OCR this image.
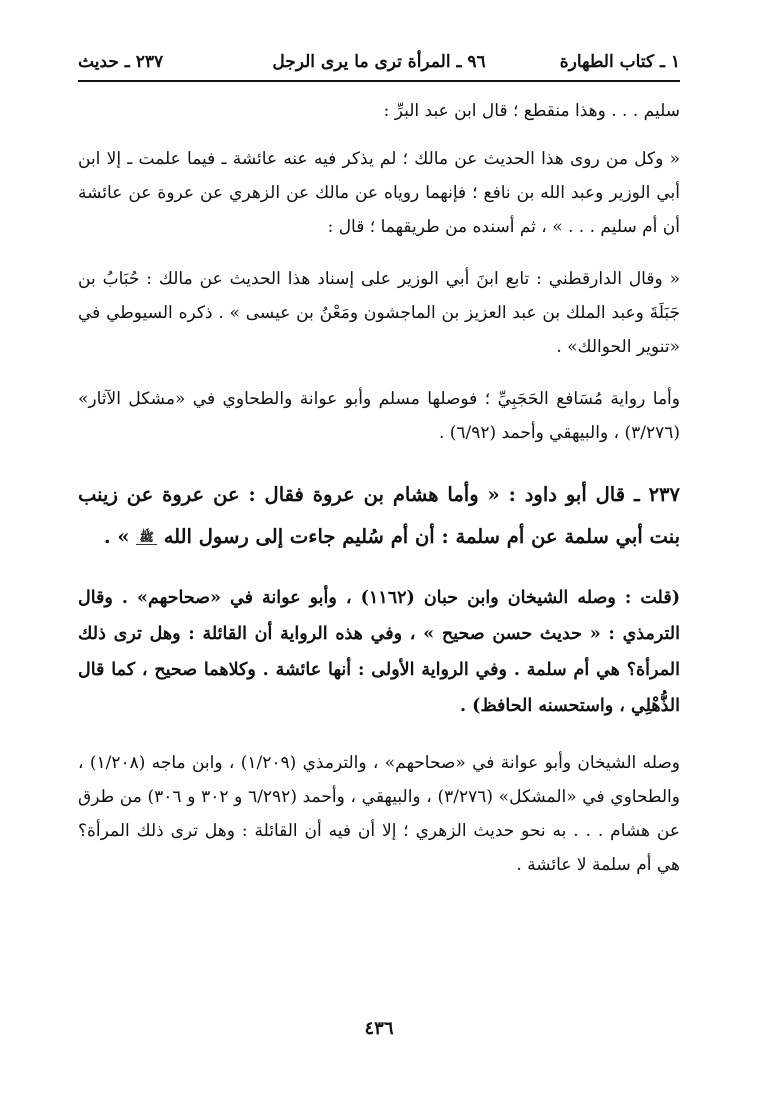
١ ـ كتاب الطهارة
٩٦ ـ المرأة ترى ما يرى الرجل
٢٣٧ ـ حديث

سليم . . . وهذا منقطع ؛ قال ابن عبد البرِّ :

« وكل من روى هذا الحديث عن مالك ؛ لم يذكر فيه عنه عائشة ـ فيما علمت ـ إلا ابن أبي الوزير وعبد الله بن نافع ؛ فإنهما روياه عن مالك عن الزهري عن عروة عن عائشة أن أم سليم . . . » ، ثم أسنده من طريقهما ؛ قال :

« وقال الدارقطني : تابع ابنَ أبي الوزير على إسناد هذا الحديث عن مالك : حُبَابُ بن جَبَلَةَ وعبد الملك بن عبد العزيز بن الماجشون ومَعْنُ بن عيسى » . ذكره السيوطي في «تنوير الحوالك» .

وأما رواية مُسَافع الحَجَبِيِّ ؛ فوصلها مسلم وأبو عوانة والطحاوي في «مشكل الآثار» (٣/٢٧٦) ، والبيهقي وأحمد (٦/٩٢) .

٢٣٧ ـ قال أبو داود : « وأما هشام بن عروة فقال : عن عروة عن زينب بنت أبي سلمة عن أم سلمة : أن أم سُليم جاءت إلى رسول الله ﷺ » .

(قلت : وصله الشيخان وابن حبان (١١٦٢) ، وأبو عوانة في «صحاحهم» . وقال الترمذي : « حديث حسن صحيح » ، وفي هذه الرواية أن القائلة : وهل ترى ذلك المرأة؟ هي أم سلمة . وفي الرواية الأولى : أنها عائشة . وكلاهما صحيح ، كما قال الذُّهْلِي ، واستحسنه الحافظ) .

وصله الشيخان وأبو عوانة في «صحاحهم» ، والترمذي (١/٢٠٩) ، وابن ماجه (١/٢٠٨) ، والطحاوي في «المشكل» (٣/٢٧٦) ، والبيهقي ، وأحمد (٦/٢٩٢ و ٣٠٢ و ٣٠٦) من طرق عن هشام . . . به نحو حديث الزهري ؛ إلا أن فيه أن القائلة : وهل ترى ذلك المرأة؟ هي أم سلمة لا عائشة .

٤٣٦
